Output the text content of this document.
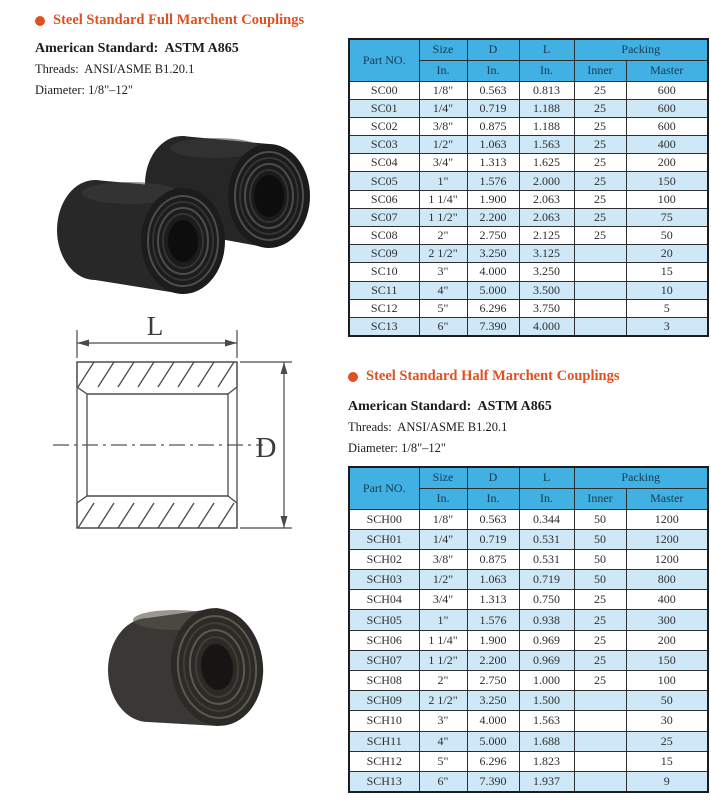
Steel Standard Full Marchent Couplings
American Standard:  ASTM A865
Threads:  ANSI/ASME B1.20.1
Diameter: 1/8"–12"
L
D
Part NO.	Size	D	L	Packing	
	In.	In.	In.	Inner	Master
SC00	1/8"	0.563	0.813	25	600
SC01	1/4"	0.719	1.188	25	600
SC02	3/8"	0.875	1.188	25	600
SC03	1/2"	1.063	1.563	25	400
SC04	3/4"	1.313	1.625	25	200
SC05	1"	1.576	2.000	25	150
SC06	1 1/4"	1.900	2.063	25	100
SC07	1 1/2"	2.200	2.063	25	75
SC08	2"	2.750	2.125	25	50
SC09	2 1/2"	3.250	3.125		20
SC10	3"	4.000	3.250		15
SC11	4"	5.000	3.500		10
SC12	5"	6.296	3.750		5
SC13	6"	7.390	4.000		3
Steel Standard Half Marchent Couplings
American Standard:  ASTM A865
Threads:  ANSI/ASME B1.20.1
Diameter: 1/8"–12"
Part NO.	Size	D	L	Packing	
	In.	In.	In.	Inner	Master
SCH00	1/8"	0.563	0.344	50	1200
SCH01	1/4"	0.719	0.531	50	1200
SCH02	3/8"	0.875	0.531	50	1200
SCH03	1/2"	1.063	0.719	50	800
SCH04	3/4"	1.313	0.750	25	400
SCH05	1"	1.576	0.938	25	300
SCH06	1 1/4"	1.900	0.969	25	200
SCH07	1 1/2"	2.200	0.969	25	150
SCH08	2"	2.750	1.000	25	100
SCH09	2 1/2"	3.250	1.500		50
SCH10	3"	4.000	1.563		30
SCH11	4"	5.000	1.688		25
SCH12	5"	6.296	1.823		15
SCH13	6"	7.390	1.937		9
